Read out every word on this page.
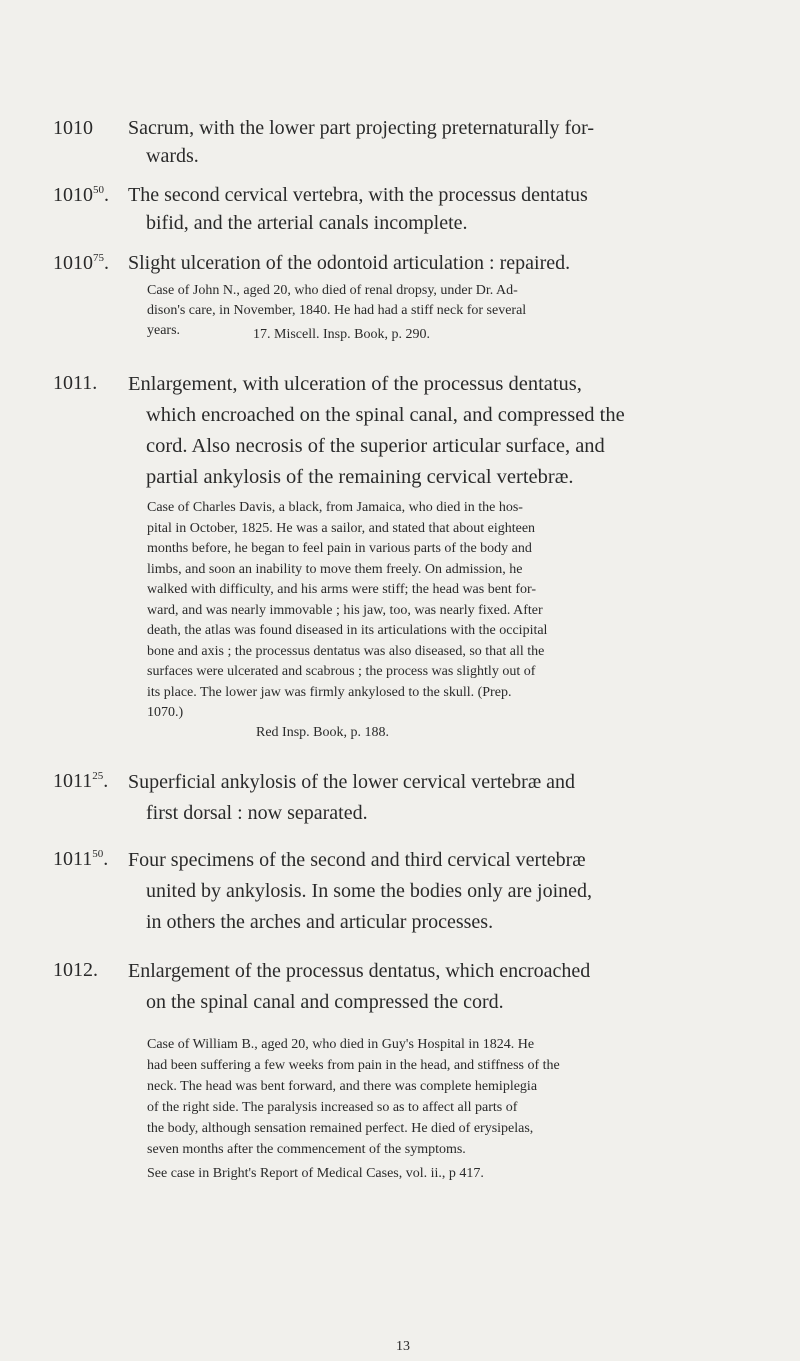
1010 Sacrum, with the lower part projecting preternaturally for-
wards.

1010$^{50}$. The second cervical vertebra, with the processus dentatus
bifid, and the arterial canals incomplete.

1010$^{75}$. Slight ulceration of the odontoid articulation : repaired.

Case of John N., aged 20, who died of renal dropsy, under Dr. Ad-
dison's care, in November, 1840. He had had a stiff neck for several
years.	17. Miscell. Insp. Book, p. 290.
1011. Enlargement, with ulceration of the processus dentatus,
which encroached on the spinal canal, and compressed the
cord. Also necrosis of the superior articular surface, and
partial ankylosis of the remaining cervical vertebræ.

Case of Charles Davis, a black, from Jamaica, who died in the hos-
pital in October, 1825. He was a sailor, and stated that about eighteen
months before, he began to feel pain in various parts of the body and
limbs, and soon an inability to move them freely. On admission, he
walked with difficulty, and his arms were stiff; the head was bent for-
ward, and was nearly immovable ; his jaw, too, was nearly fixed. After
death, the atlas was found diseased in its articulations with the occipital
bone and axis ; the processus dentatus was also diseased, so that all the
surfaces were ulcerated and scabrous ; the process was slightly out of
its place. The lower jaw was firmly ankylosed to the skull. (Prep.
1070.)

Red Insp. Book, p. 188.
1011$^{25}$. Superficial ankylosis of the lower cervical vertebræ and
first dorsal : now separated.

1011$^{50}$. Four specimens of the second and third cervical vertebræ
united by ankylosis. In some the bodies only are joined,
in others the arches and articular processes.

1012. Enlargement of the processus dentatus, which encroached
on the spinal canal and compressed the cord.

Case of William B., aged 20, who died in Guy's Hospital in 1824. He
had been suffering a few weeks from pain in the head, and stiffness of the
neck. The head was bent forward, and there was complete hemiplegia
of the right side. The paralysis increased so as to affect all parts of
the body, although sensation remained perfect. He died of erysipelas,
seven months after the commencement of the symptoms.

See case in Bright's Report of Medical Cases, vol. ii., p 417.
13
